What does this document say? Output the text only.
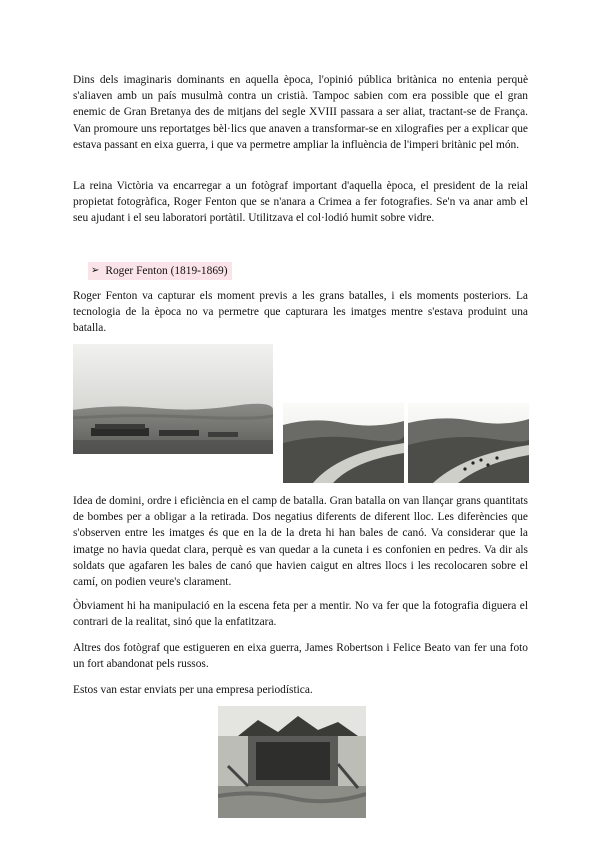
Dins dels imaginaris dominants en aquella època, l'opinió pública britànica no entenia perquè s'aliaven amb un país musulmà contra un cristià. Tampoc sabien com era possible que el gran enemic de Gran Bretanya des de mitjans del segle XVIII passara a ser aliat, tractant-se de França. Van promoure uns reportatges bèl·lics que anaven a transformar-se en xilografies per a explicar que estava passant en eixa guerra, i que va permetre ampliar la influència de l'imperi britànic pel món.

La reina Victòria va encarregar a un fotògraf important d'aquella època, el president de la reial propietat fotogràfica, Roger Fenton que se n'anara a Crimea a fer fotografies. Se'n va anar amb el seu ajudant i el seu laboratori portàtil. Utilitzava el col·lodió humit sobre vidre.

➢ Roger Fenton (1819-1869)

Roger Fenton va capturar els moment previs a les grans batalles, i els moments posteriors. La tecnologia de la època no va permetre que capturara les imatges mentre s'estava produint una batalla.

Idea de domini, ordre i eficiència en el camp de batalla. Gran batalla on van llançar grans quantitats de bombes per a obligar a la retirada. Dos negatius diferents de diferent lloc. Les diferències que s'observen entre les imatges és que en la de la dreta hi han bales de canó. Va considerar que la imatge no havia quedat clara, perquè es van quedar a la cuneta i es confonien en pedres. Va dir als soldats que agafaren les bales de canó que havien caigut en altres llocs i les recolocaren sobre el camí, on podien veure's clarament.

Òbviament hi ha manipulació en la escena feta per a mentir. No va fer que la fotografia diguera el contrari de la realitat, sinó que la enfatitzara.

Altres dos fotògraf que estigueren en eixa guerra, James Robertson i Felice Beato van fer una foto un fort abandonat pels russos.

Estos van estar enviats per una empresa periodística.
